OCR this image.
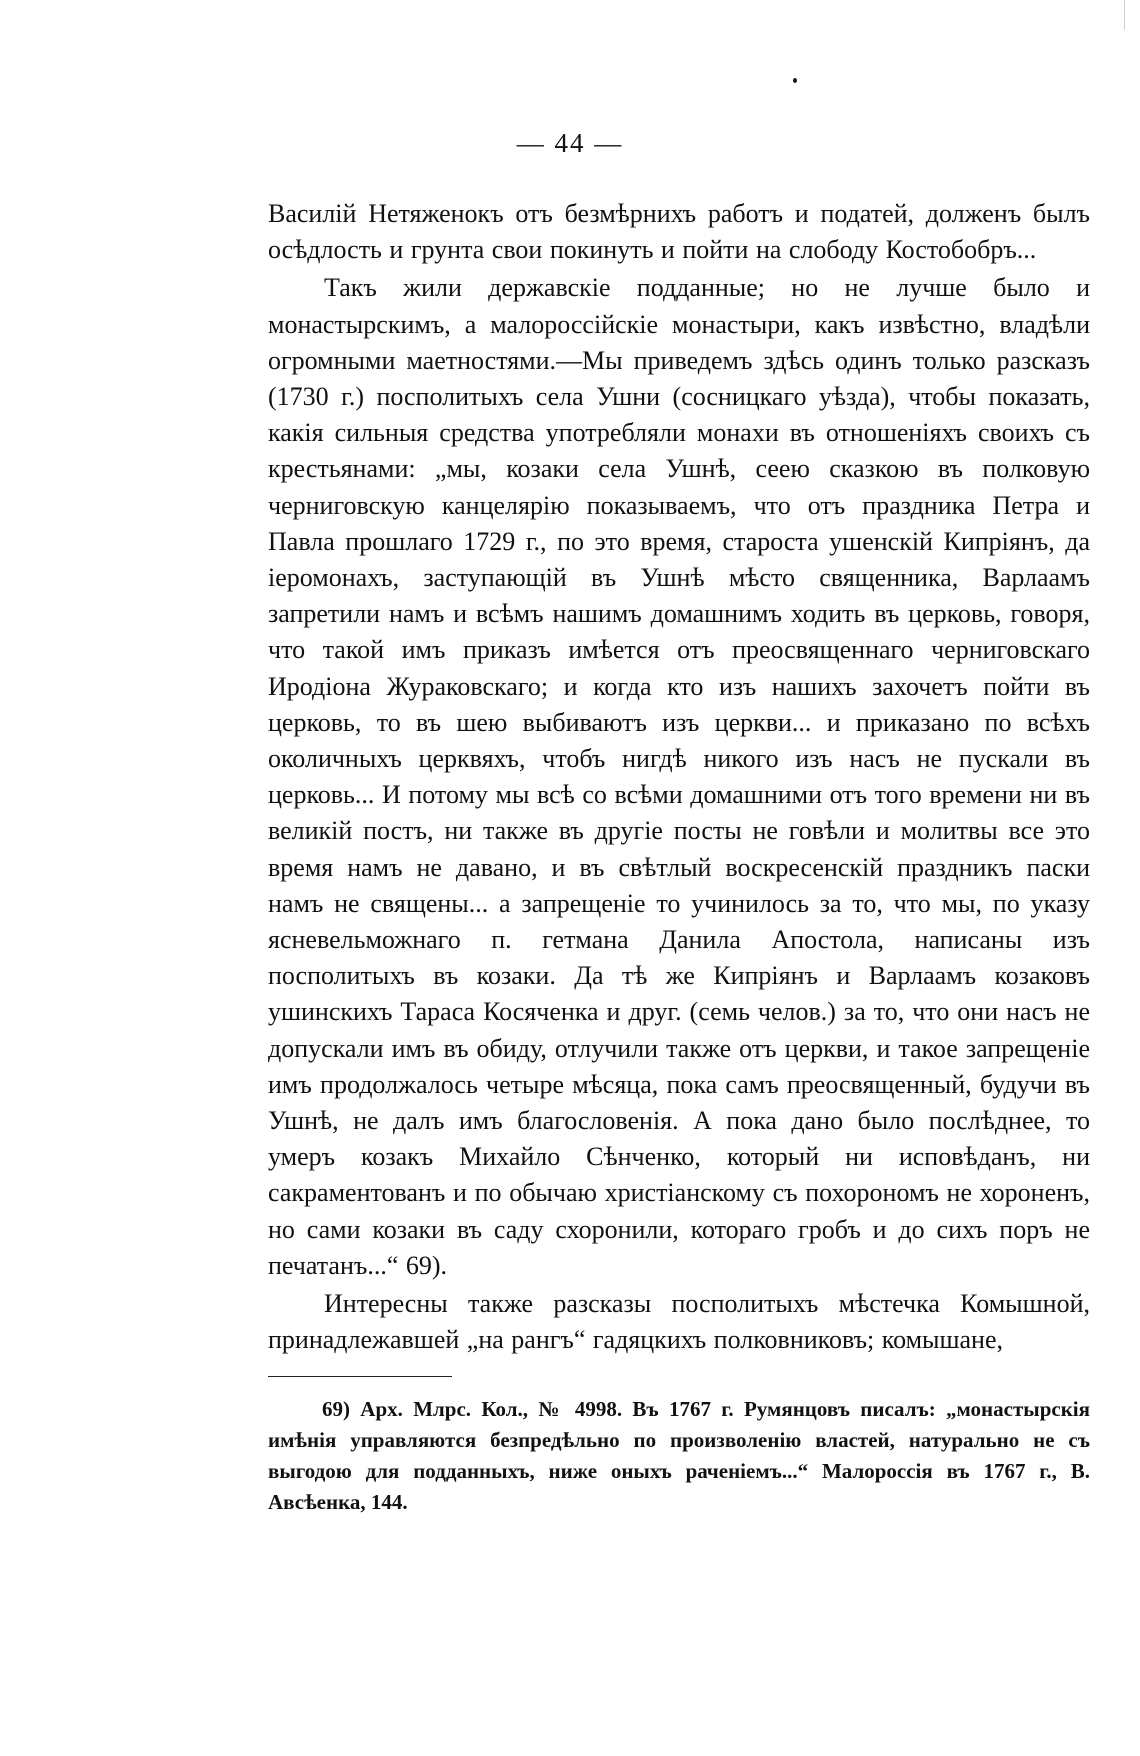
— 44 —

Василій Нетяженокъ отъ безмѣрнихъ работъ и податей, долженъ былъ осѣдлость и грунта свои покинуть и пойти на слободу Костобобръ...

Такъ жили державскіе подданные; но не лучше было и монастырскимъ, а малороссійскіе монастыри, какъ извѣстно, владѣли огромными маетностями.—Мы приведемъ здѣсь одинъ только разсказъ (1730 г.) посполитыхъ села Ушни (сосницкаго уѣзда), чтобы показать, какія сильныя средства употребляли монахи въ отношеніяхъ своихъ съ крестьянами: „мы, козаки села Ушнѣ, сеею сказкою въ полковую черниговскую канцелярію показываемъ, что отъ праздника Петра и Павла прошлаго 1729 г., по это время, староста ушенскій Кипріянъ, да іеромонахъ, заступающій въ Ушнѣ мѣсто священника, Варлаамъ запретили намъ и всѣмъ нашимъ домашнимъ ходить въ церковь, говоря, что такой имъ приказъ имѣется отъ преосвященнаго черниговскаго Иродіона Жураковскаго; и когда кто изъ нашихъ захочетъ пойти въ церковь, то въ шею выбиваютъ изъ церкви... и приказано по всѣхъ околичныхъ церквяхъ, чтобъ нигдѣ никого изъ насъ не пускали въ церковь... И потому мы всѣ со всѣми домашними отъ того времени ни въ великій постъ, ни также въ другіе посты не говѣли и молитвы все это время намъ не давано, и въ свѣтлый воскресенскій праздникъ паски намъ не священы... а запрещеніе то учинилось за то, что мы, по указу ясневельможнаго п. гетмана Данила Апостола, написаны изъ посполитыхъ въ козаки. Да тѣ же Кипріянъ и Варлаамъ козаковъ ушинскихъ Тараса Косяченка и друг. (семь челов.) за то, что они насъ не допускали имъ въ обиду, отлучили также отъ церкви, и такое запрещеніе имъ продолжалось четыре мѣсяца, пока самъ преосвященный, будучи въ Ушнѣ, не далъ имъ благословенія. А пока дано было послѣднее, то умеръ козакъ Михайло Сѣнченко, который ни исповѣданъ, ни сакраментованъ и по обычаю христіанскому съ похорономъ не хороненъ, но сами козаки въ саду схоронили, котораго гробъ и до сихъ поръ не печатанъ...“ 69).

Интересны также разсказы посполитыхъ мѣстечка Комышной, принадлежавшей „на рангъ“ гадяцкихъ полковниковъ; комышане,

69) Арх. Млрс. Кол., № 4998. Въ 1767 г. Румянцовъ писалъ: „монастырскія имѣнія управляются безпредѣльно по произволенію властей, натурально не съ выгодою для подданныхъ, ниже оныхъ раченіемъ...“ Малороссія въ 1767 г., В. Авсѣенка, 144.
